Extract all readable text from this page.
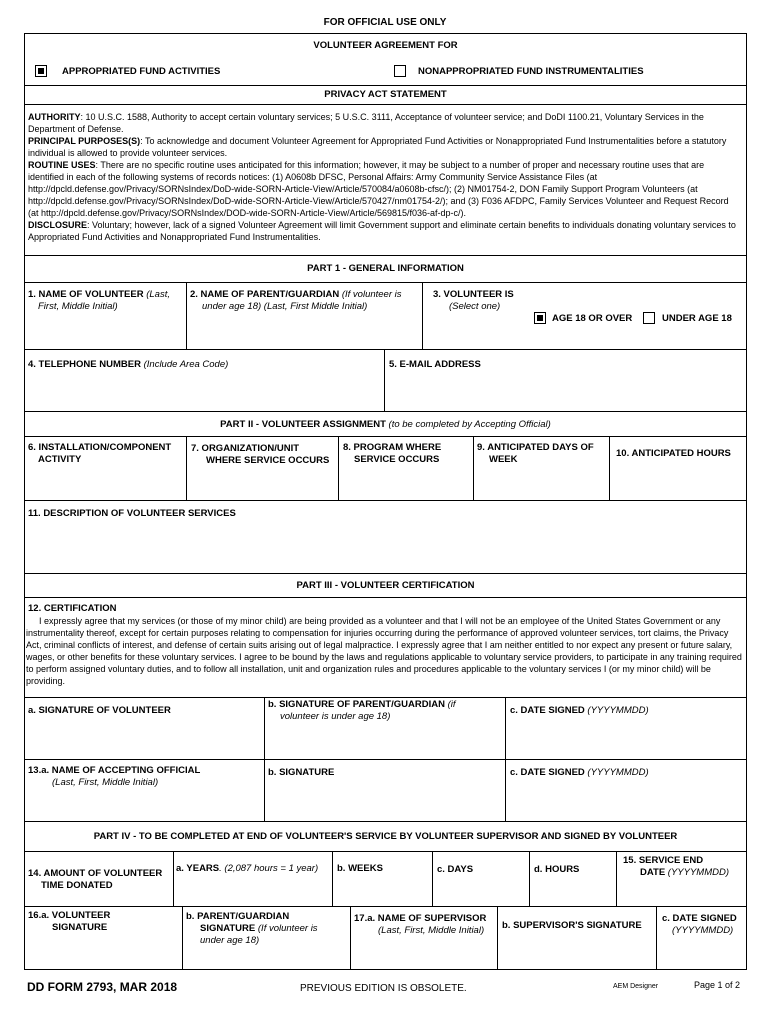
FOR OFFICIAL USE ONLY
VOLUNTEER AGREEMENT FOR
APPROPRIATED FUND ACTIVITIES	NONAPPROPRIATED FUND INSTRUMENTALITIES
PRIVACY ACT STATEMENT
AUTHORITY: 10 U.S.C. 1588, Authority to accept certain voluntary services; 5 U.S.C. 3111, Acceptance of volunteer service; and DoDI 1100.21, Voluntary Services in the Department of Defense.
PRINCIPAL PURPOSES(S): To acknowledge and document Volunteer Agreement for Appropriated Fund Activities or Nonappropriated Fund Instrumentalities before a statutory individual is allowed to provide volunteer services.
ROUTINE USES: There are no specific routine uses anticipated for this information; however, it may be subject to a number of proper and necessary routine uses that are identified in each of the following systems of records notices: (1) A0608b DFSC, Personal Affairs: Army Community Service Assistance Files (at http://dpcld.defense.gov/Privacy/SORNsIndex/DoD-wide-SORN-Article-View/Article/570084/a0608b-cfsc/); (2) NM01754-2, DON Family Support Program Volunteers (at http://dpcld.defense.gov/Privacy/SORNsIndex/DoD-wide-SORN-Article-View/Article/570427/nm01754-2/); and (3) F036 AFDPC, Family Services Volunteer and Request Record (at http://dpcld.defense.gov/Privacy/SORNsIndex/DOD-wide-SORN-Article-View/Article/569815/f036-af-dp-c/).
DISCLOSURE: Voluntary; however, lack of a signed Volunteer Agreement will limit Government support and eliminate certain benefits to individuals donating voluntary services to Appropriated Fund Activities and Nonappropriated Fund Instrumentalities.
PART 1 - GENERAL INFORMATION
1. NAME OF VOLUNTEER (Last,
First, Middle Initial)
2. NAME OF PARENT/GUARDIAN (If volunteer is
under age 18) (Last, First Middle Initial)
3. VOLUNTEER IS
(Select one)
AGE 18 OR OVER	UNDER AGE 18
4. TELEPHONE NUMBER (Include Area Code)	5. E-MAIL ADDRESS
PART II - VOLUNTEER ASSIGNMENT (to be completed by Accepting Official)
6. INSTALLATION/COMPONENT
ACTIVITY
7. ORGANIZATION/UNIT
WHERE SERVICE OCCURS
8. PROGRAM WHERE
SERVICE OCCURS
9. ANTICIPATED DAYS OF
WEEK
10. ANTICIPATED HOURS
11. DESCRIPTION OF VOLUNTEER SERVICES
PART III - VOLUNTEER CERTIFICATION
12. CERTIFICATION
I expressly agree that my services (or those of my minor child) are being provided as a volunteer and that I will not be an employee of the United States Government or any instrumentality thereof, except for certain purposes relating to compensation for injuries occurring during the performance of approved volunteer services, tort claims, the Privacy Act, criminal conflicts of interest, and defense of certain suits arising out of legal malpractice. I expressly agree that I am neither entitled to nor expect any present or future salary, wages, or other benefits for these voluntary services. I agree to be bound by the laws and regulations applicable to voluntary service providers, to participate in any training required to perform assigned voluntary duties, and to follow all installation, unit and organization rules and procedures applicable to the voluntary services I (or my minor child) will be providing.
a. SIGNATURE OF VOLUNTEER
b. SIGNATURE OF PARENT/GUARDIAN (if
volunteer is under age 18)
c. DATE SIGNED (YYYYMMDD)
13.a. NAME OF ACCEPTING OFFICIAL
(Last, First, Middle Initial)
b. SIGNATURE	c. DATE SIGNED (YYYYMMDD)
PART IV - TO BE COMPLETED AT END OF VOLUNTEER'S SERVICE BY VOLUNTEER SUPERVISOR AND SIGNED BY VOLUNTEER
14. AMOUNT OF VOLUNTEER
TIME DONATED
a. YEARS. (2,087 hours = 1 year) b. WEEKS	c. DAYS	d. HOURS
15. SERVICE END
DATE (YYYYMMDD)
16.a. VOLUNTEER
SIGNATURE
b. PARENT/GUARDIAN
SIGNATURE (If volunteer is
under age 18)
17.a. NAME OF SUPERVISOR
(Last, First, Middle Initial) b. SUPERVISOR'S SIGNATURE
c. DATE SIGNED
(YYYYMMDD)
DD FORM 2793, MAR 2018	PREVIOUS EDITION IS OBSOLETE.	AEM Designer	Page 1 of 2
